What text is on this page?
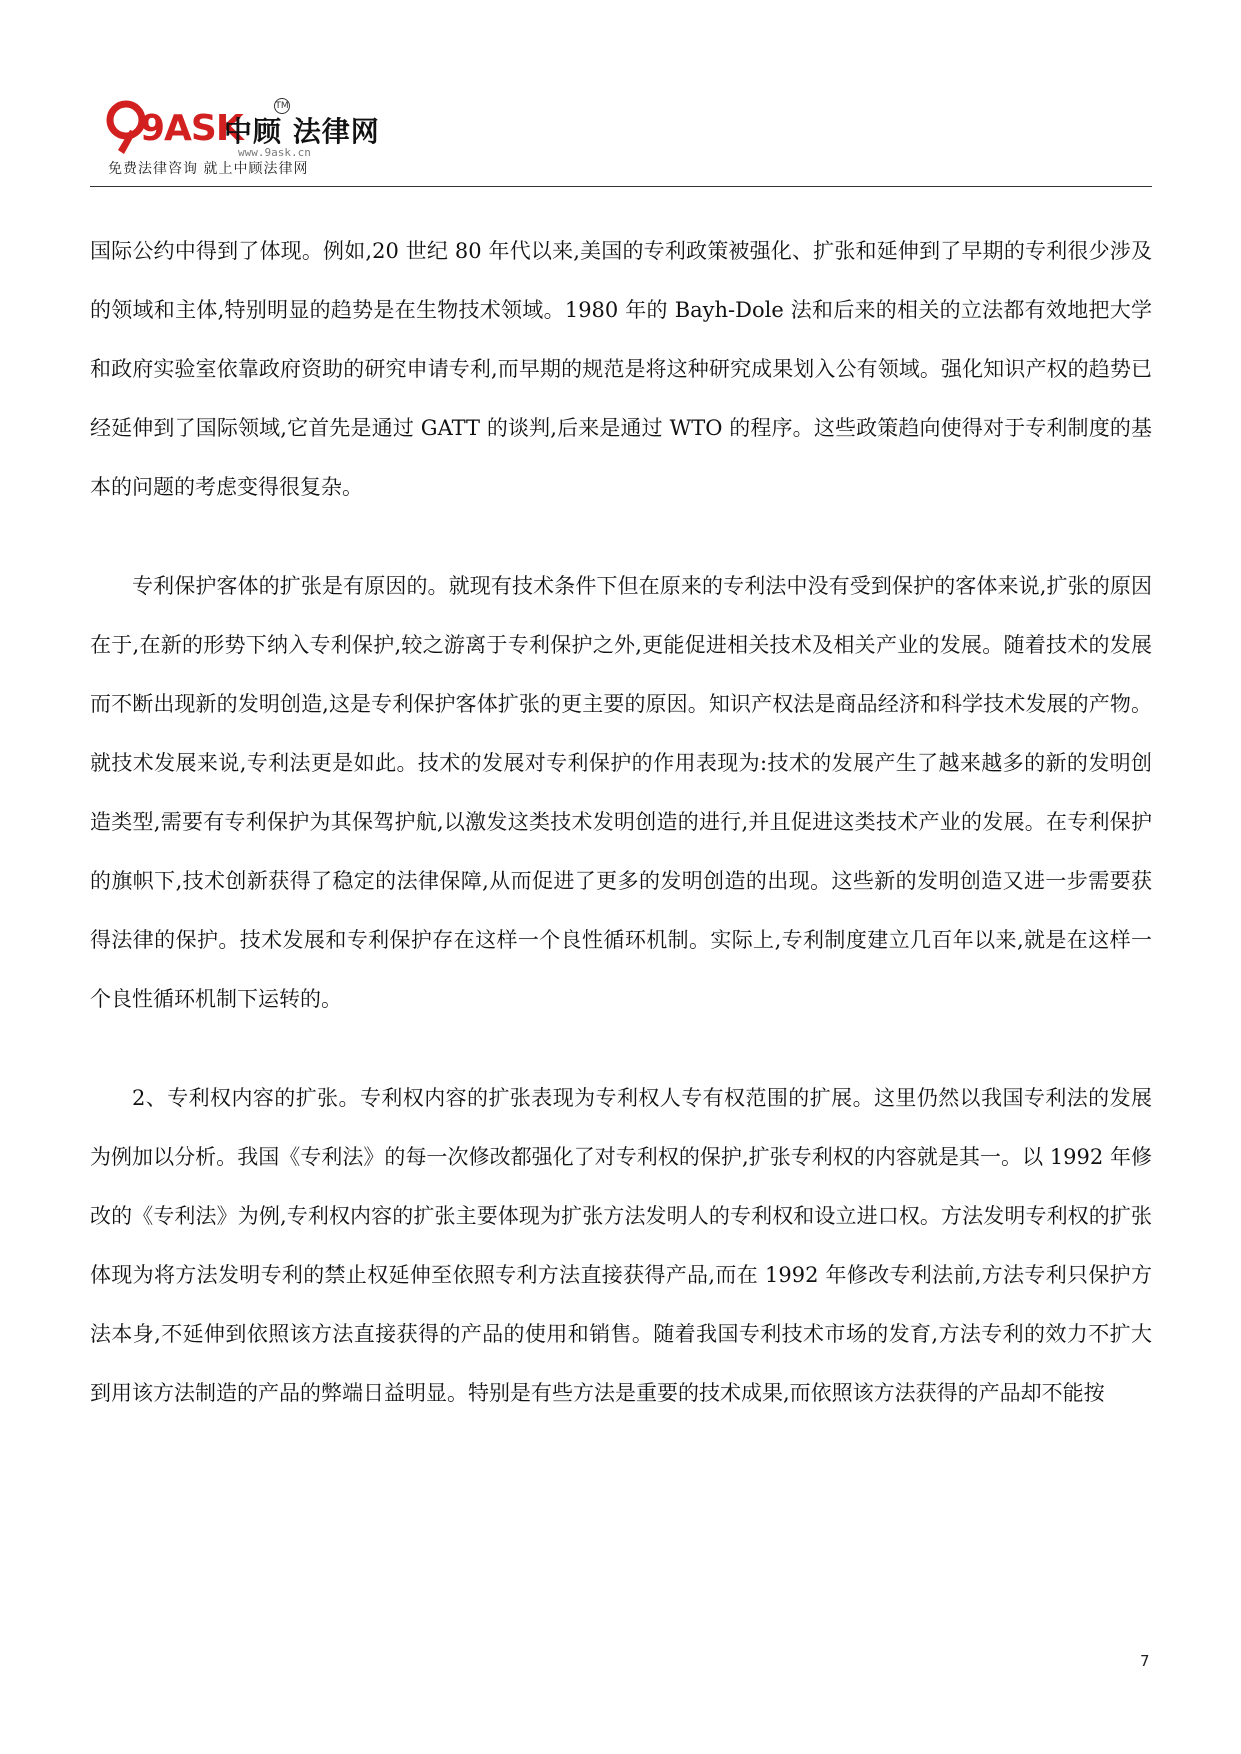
9ASK
中顾 法律网
TM
www.9ask.cn
免费法律咨询 就上中顾法律网

国际公约中得到了体现。例如,20 世纪 80 年代以来,美国的专利政策被强化、扩张和延伸到了早期的专利很少涉及的领域和主体,特别明显的趋势是在生物技术领域。1980 年的 Bayh-Dole 法和后来的相关的立法都有效地把大学和政府实验室依靠政府资助的研究申请专利,而早期的规范是将这种研究成果划入公有领域。强化知识产权的趋势已经延伸到了国际领域,它首先是通过 GATT 的谈判,后来是通过 WTO 的程序。这些政策趋向使得对于专利制度的基本的问题的考虑变得很复杂。

专利保护客体的扩张是有原因的。就现有技术条件下但在原来的专利法中没有受到保护的客体来说,扩张的原因在于,在新的形势下纳入专利保护,较之游离于专利保护之外,更能促进相关技术及相关产业的发展。随着技术的发展而不断出现新的发明创造,这是专利保护客体扩张的更主要的原因。知识产权法是商品经济和科学技术发展的产物。就技术发展来说,专利法更是如此。技术的发展对专利保护的作用表现为:技术的发展产生了越来越多的新的发明创造类型,需要有专利保护为其保驾护航,以激发这类技术发明创造的进行,并且促进这类技术产业的发展。在专利保护的旗帜下,技术创新获得了稳定的法律保障,从而促进了更多的发明创造的出现。这些新的发明创造又进一步需要获得法律的保护。技术发展和专利保护存在这样一个良性循环机制。实际上,专利制度建立几百年以来,就是在这样一个良性循环机制下运转的。

2、专利权内容的扩张。专利权内容的扩张表现为专利权人专有权范围的扩展。这里仍然以我国专利法的发展为例加以分析。我国《专利法》的每一次修改都强化了对专利权的保护,扩张专利权的内容就是其一。以 1992 年修改的《专利法》为例,专利权内容的扩张主要体现为扩张方法发明人的专利权和设立进口权。方法发明专利权的扩张体现为将方法发明专利的禁止权延伸至依照专利方法直接获得产品,而在 1992 年修改专利法前,方法专利只保护方法本身,不延伸到依照该方法直接获得的产品的使用和销售。随着我国专利技术市场的发育,方法专利的效力不扩大到用该方法制造的产品的弊端日益明显。特别是有些方法是重要的技术成果,而依照该方法获得的产品却不能按

7
